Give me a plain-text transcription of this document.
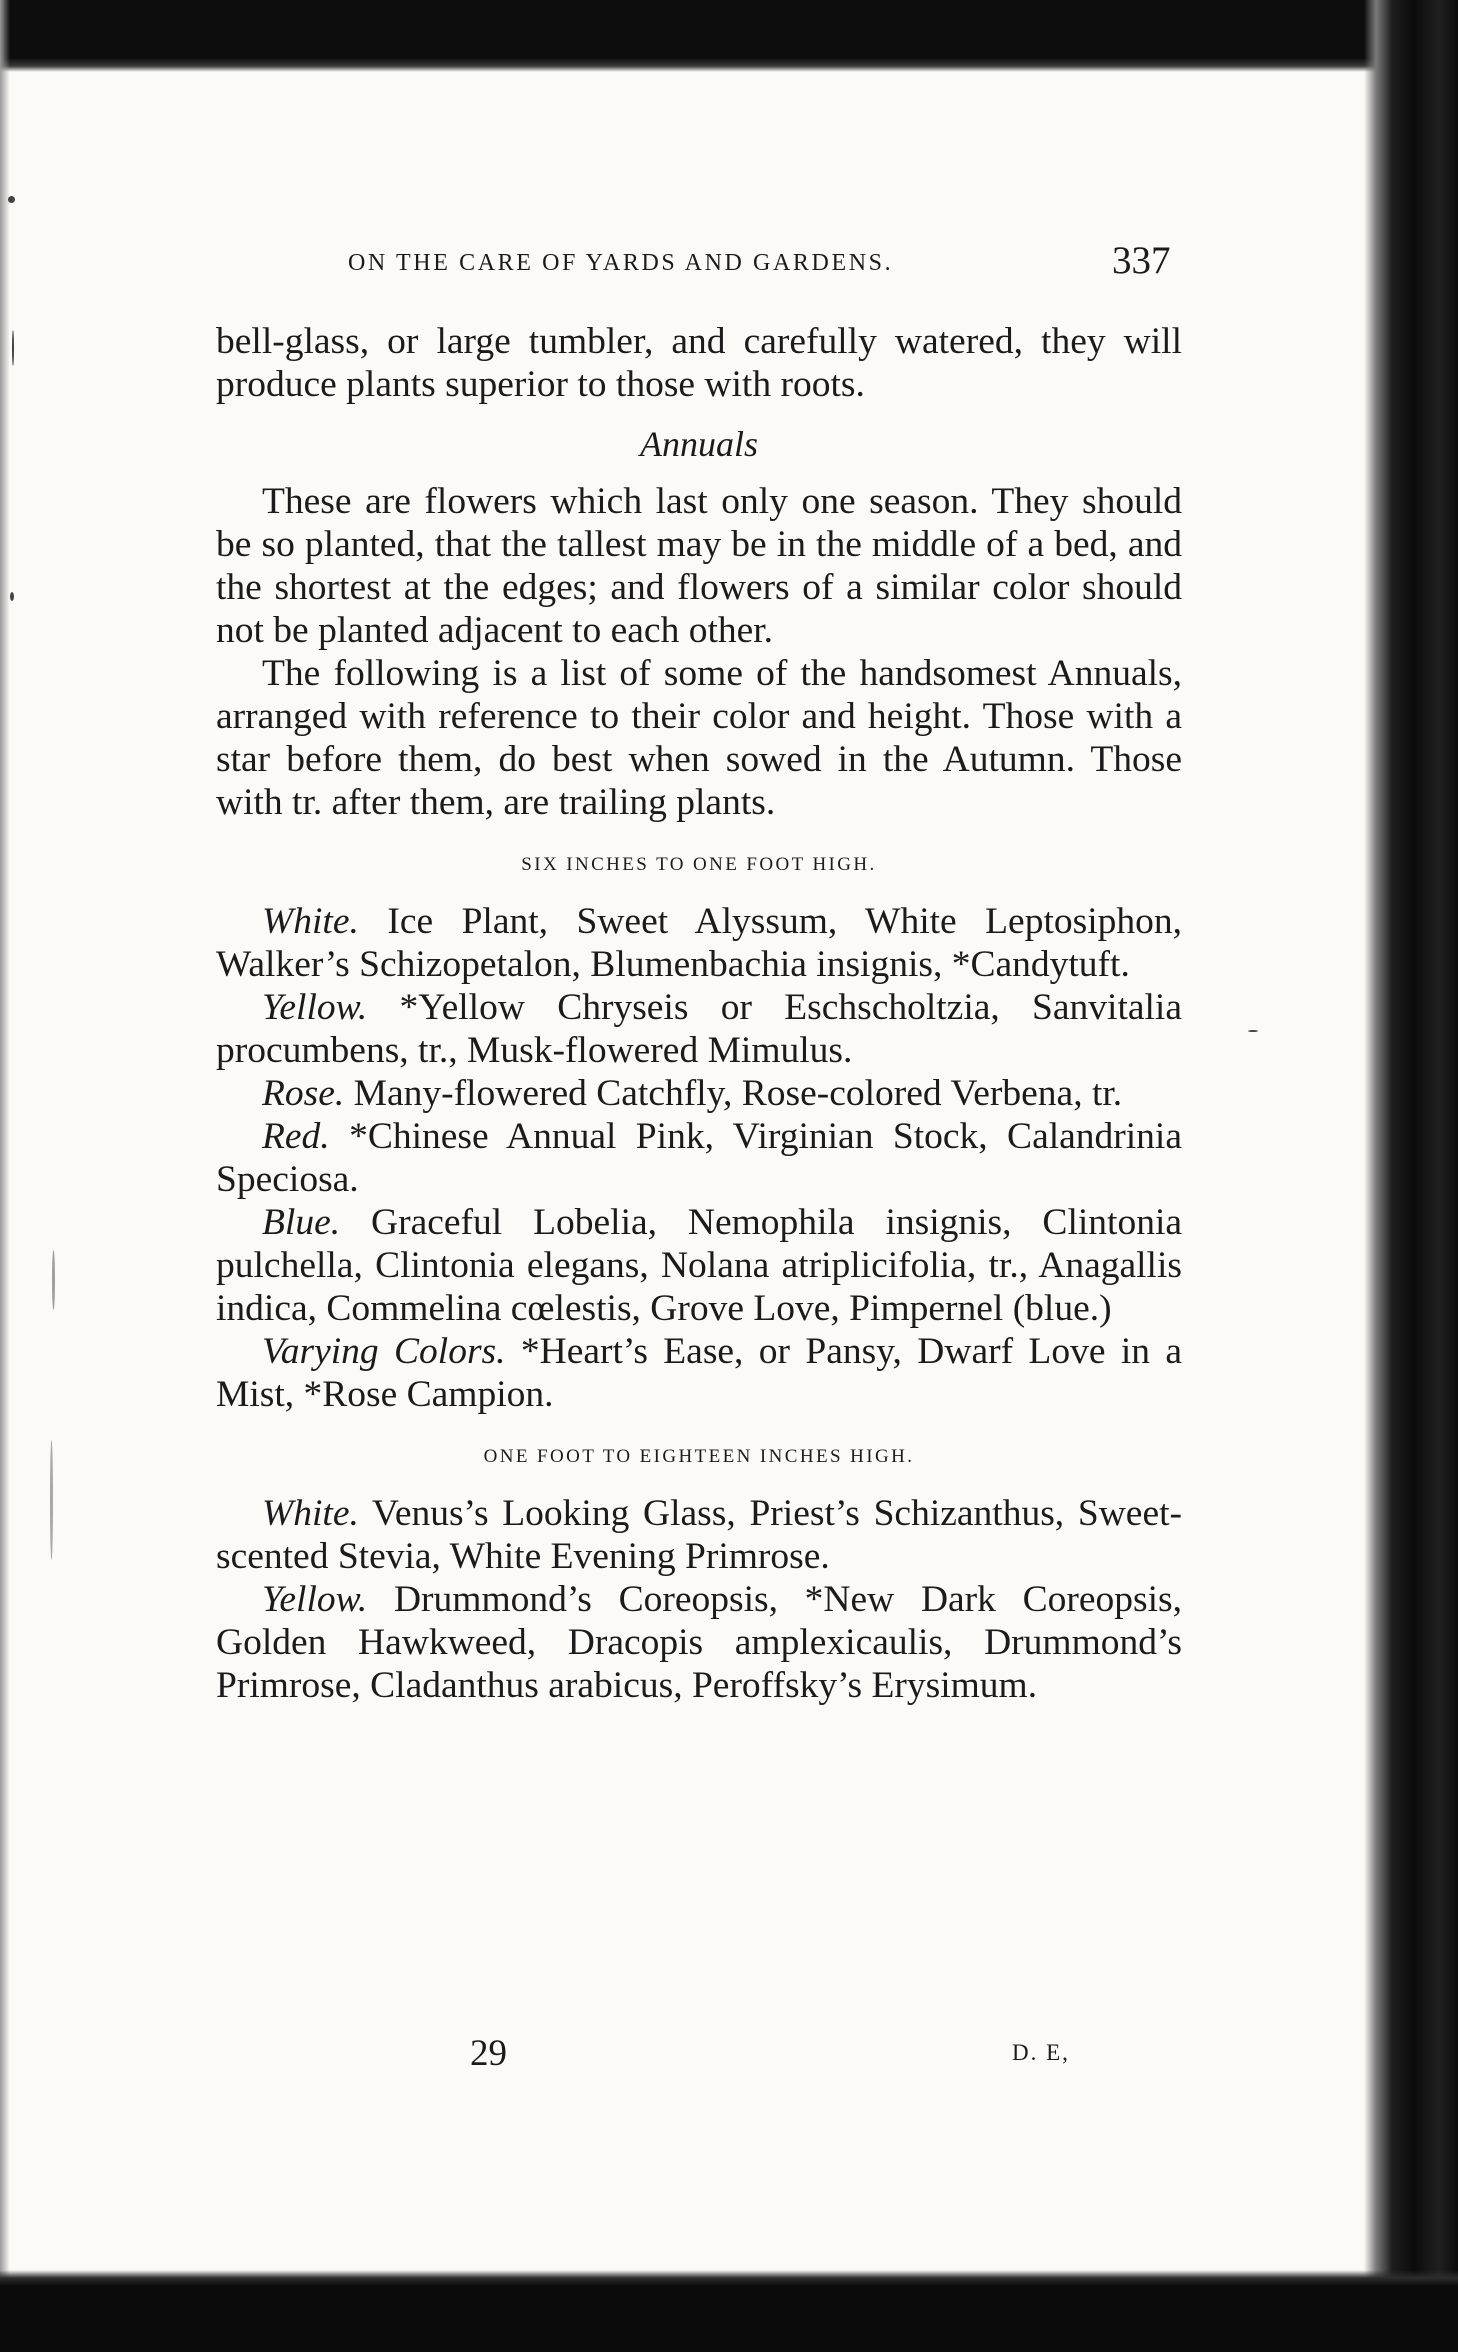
ON THE CARE OF YARDS AND GARDENS.	337

bell-glass, or large tumbler, and carefully watered, they will produce plants superior to those with roots.

Annuals

These are flowers which last only one season. They should be so planted, that the tallest may be in the middle of a bed, and the shortest at the edges; and flowers of a similar color should not be planted adjacent to each other.

The following is a list of some of the handsomest Annuals, arranged with reference to their color and height. Those with a star before them, do best when sowed in the Autumn. Those with tr. after them, are trailing plants.

SIX INCHES TO ONE FOOT HIGH.

White. Ice Plant, Sweet Alyssum, White Leptosiphon, Walker’s Schizopetalon, Blumenbachia insignis, *Candytuft.

Yellow. *Yellow Chryseis or Eschscholtzia, Sanvitalia procumbens, tr., Musk-flowered Mimulus.

Rose. Many-flowered Catchfly, Rose-colored Verbena, tr.

Red. *Chinese Annual Pink, Virginian Stock, Calandrinia Speciosa.

Blue. Graceful Lobelia, Nemophila insignis, Clintonia pulchella, Clintonia elegans, Nolana atriplicifolia, tr., Anagallis indica, Commelina cœlestis, Grove Love, Pimpernel (blue.)

Varying Colors. *Heart’s Ease, or Pansy, Dwarf Love in a Mist, *Rose Campion.

ONE FOOT TO EIGHTEEN INCHES HIGH.

White. Venus’s Looking Glass, Priest’s Schizanthus, Sweet-scented Stevia, White Evening Primrose.

Yellow. Drummond’s Coreopsis, *New Dark Coreopsis, Golden Hawkweed, Dracopis amplexicaulis, Drummond’s Primrose, Cladanthus arabicus, Peroffsky’s Erysimum.

29	D. E,
